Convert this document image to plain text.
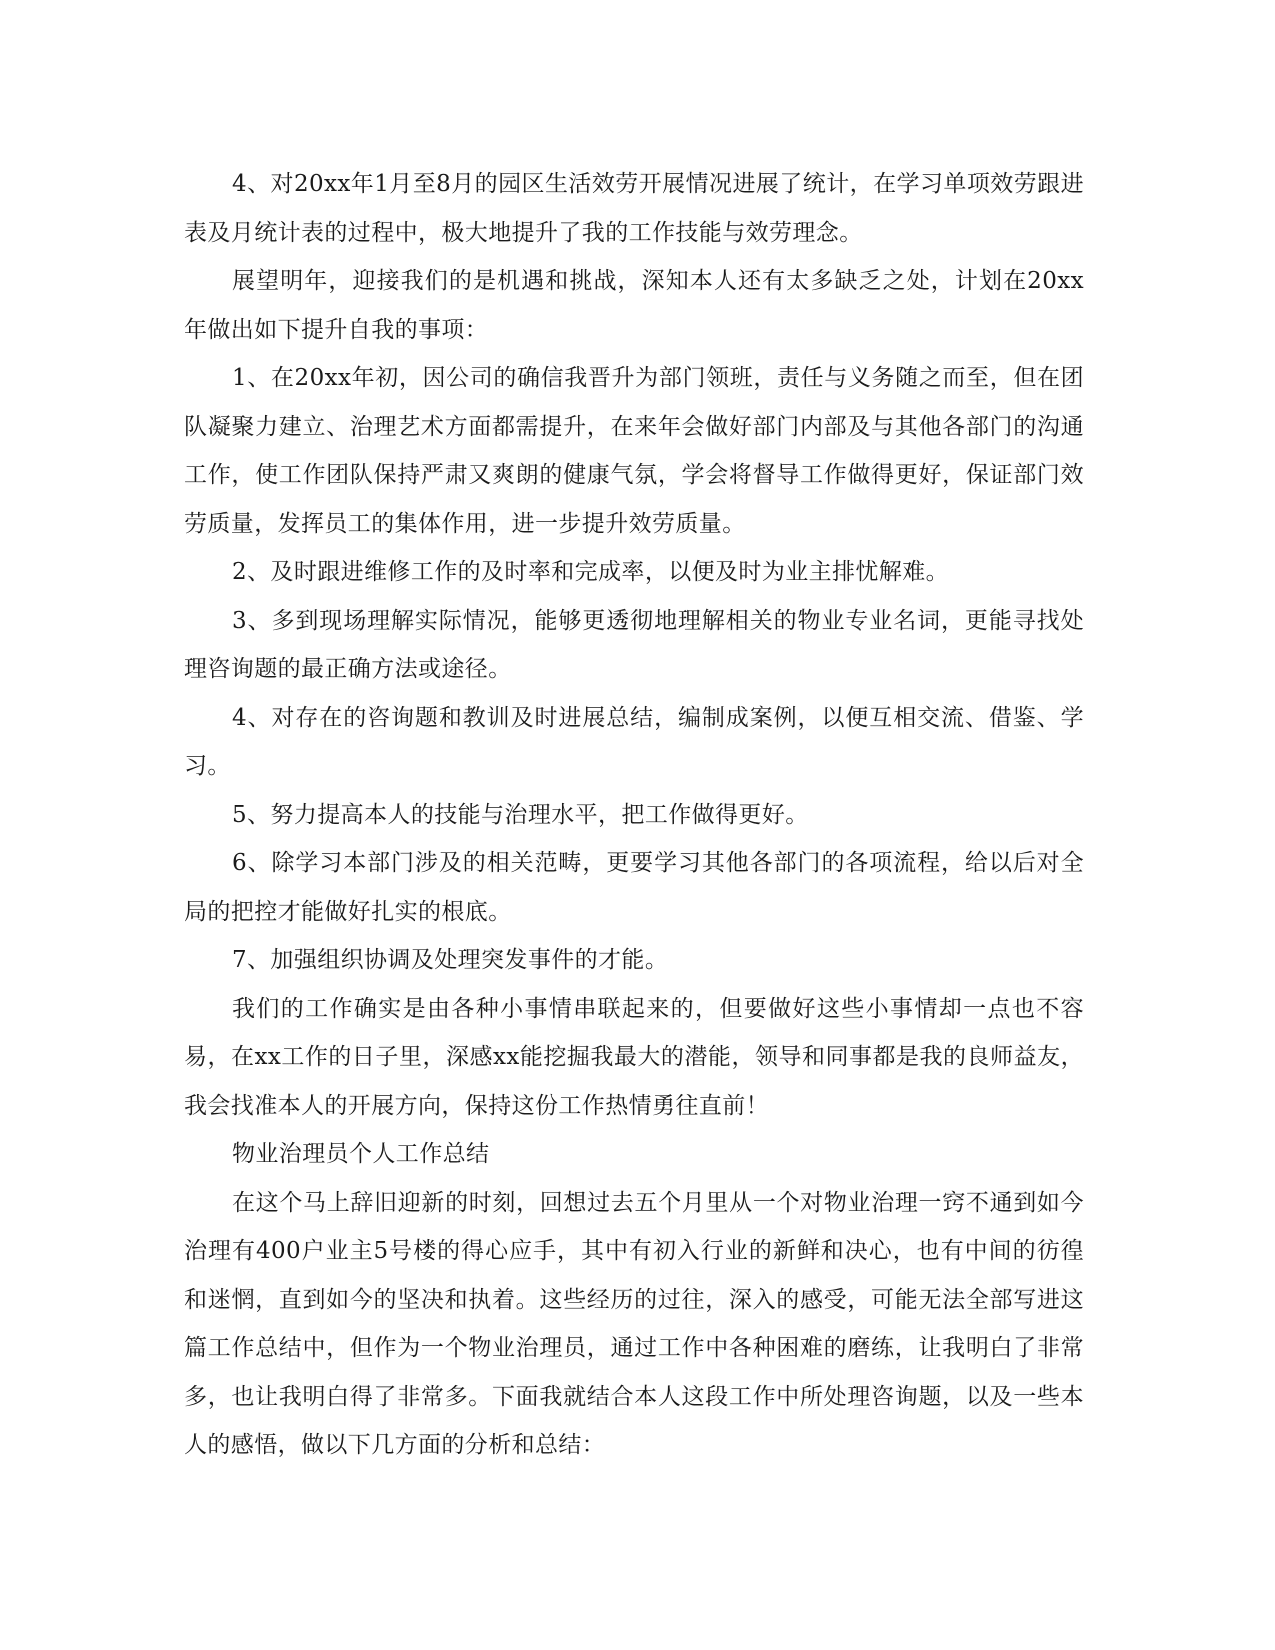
4、对20xx年1月至8月的园区生活效劳开展情况进展了统计，在学习单项效劳跟进表及月统计表的过程中，极大地提升了我的工作技能与效劳理念。

展望明年，迎接我们的是机遇和挑战，深知本人还有太多缺乏之处，计划在20xx年做出如下提升自我的事项：

1、在20xx年初，因公司的确信我晋升为部门领班，责任与义务随之而至，但在团队凝聚力建立、治理艺术方面都需提升，在来年会做好部门内部及与其他各部门的沟通工作，使工作团队保持严肃又爽朗的健康气氛，学会将督导工作做得更好，保证部门效劳质量，发挥员工的集体作用，进一步提升效劳质量。

2、及时跟进维修工作的及时率和完成率，以便及时为业主排忧解难。

3、多到现场理解实际情况，能够更透彻地理解相关的物业专业名词，更能寻找处理咨询题的最正确方法或途径。

4、对存在的咨询题和教训及时进展总结，编制成案例，以便互相交流、借鉴、学习。

5、努力提高本人的技能与治理水平，把工作做得更好。

6、除学习本部门涉及的相关范畴，更要学习其他各部门的各项流程，给以后对全局的把控才能做好扎实的根底。

7、加强组织协调及处理突发事件的才能。

我们的工作确实是由各种小事情串联起来的，但要做好这些小事情却一点也不容易，在xx工作的日子里，深感xx能挖掘我最大的潜能，领导和同事都是我的良师益友，我会找准本人的开展方向，保持这份工作热情勇往直前！

物业治理员个人工作总结

在这个马上辞旧迎新的时刻，回想过去五个月里从一个对物业治理一窍不通到如今治理有400户业主5号楼的得心应手，其中有初入行业的新鲜和决心，也有中间的彷徨和迷惘，直到如今的坚决和执着。这些经历的过往，深入的感受，可能无法全部写进这篇工作总结中，但作为一个物业治理员，通过工作中各种困难的磨练，让我明白了非常多，也让我明白得了非常多。下面我就结合本人这段工作中所处理咨询题，以及一些本人的感悟，做以下几方面的分析和总结：
